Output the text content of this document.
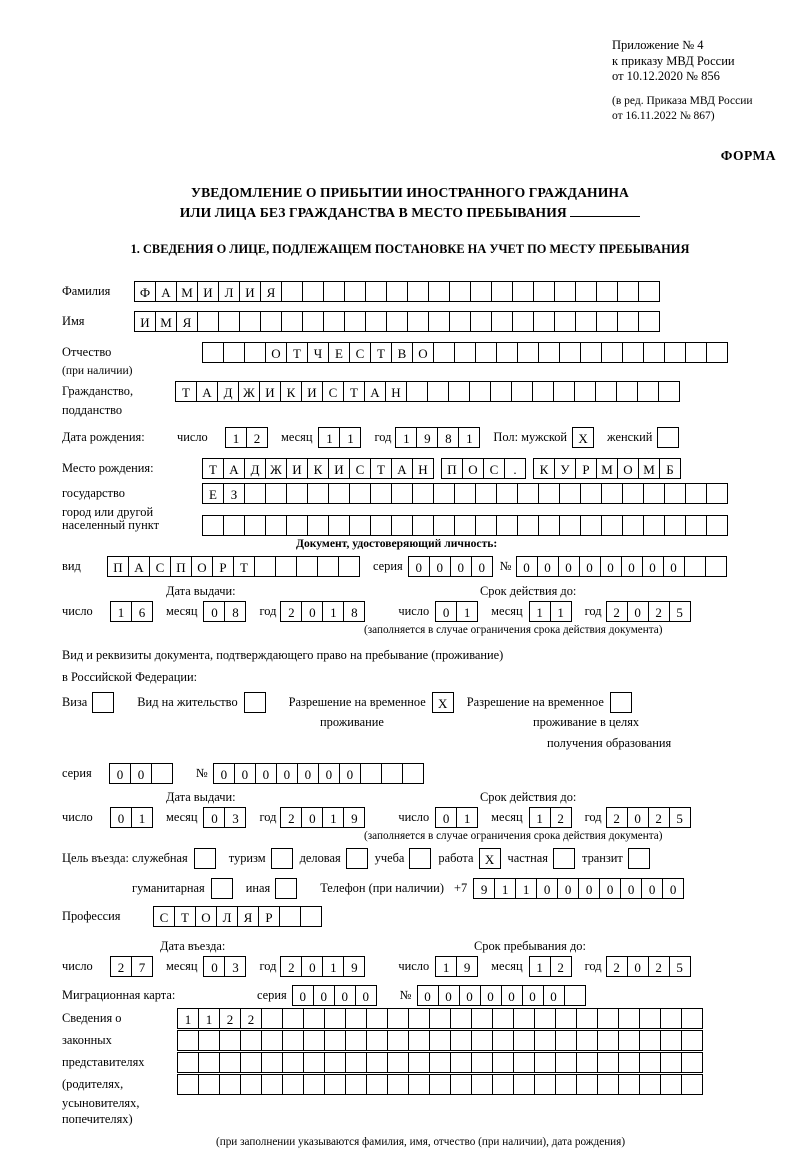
Приложение № 4
к приказу МВД России
от 10.12.2020 № 856
(в ред. Приказа МВД России
от 16.11.2022 № 867)
ФОРМА
УВЕДОМЛЕНИЕ О ПРИБЫТИИ ИНОСТРАННОГО ГРАЖДАНИНА
ИЛИ ЛИЦА БЕЗ ГРАЖДАНСТВА В МЕСТО ПРЕБЫВАНИЯ
1. СВЕДЕНИЯ О ЛИЦЕ, ПОДЛЕЖАЩЕМ ПОСТАНОВКЕ НА УЧЕТ ПО МЕСТУ ПРЕБЫВАНИЯ
Фамилия	Ф А М И Л И Я
Имя	И М Я
Отчество	О Т Ч Е С Т В О
(при наличии)
Гражданство,	Т А Д Ж И К И С Т А Н
подданство
Дата рождения:	число	1	2	месяц	1	1	год 1	9	8	1	Пол: мужской X	женский
Место рождения:	Т А Д Ж И К И С Т А Н	П О С	.	К У Р М О М Б
государство	Е	З
город или другой
населенный пункт
Документ, удостоверяющий личность:
вид	П А С П О Р	Т	серия 0	0	0	0	№ 0	0	0	0	0	0	0	0
Дата выдачи:	Срок действия до:
число	1	6	месяц	0	8	год 2	0	1	8	число	0	1	месяц	1	1	год 2	0	2	5
(заполняется в случае ограничения срока действия документа)
Вид и реквизиты документа, подтверждающего право на пребывание (проживание)
в Российской Федерации:
Виза	Вид на жительство	Разрешение на временное X	Разрешение на временное
проживание	проживание в целях
получения образования
серия	0	0	№ 0	0	0	0	0	0	0
Дата выдачи:	Срок действия до:
число	0	1	месяц	0	3	год 2	0	1	9	число	0	1	месяц	1	2	год 2	0	2	5
(заполняется в случае ограничения срока действия документа)
Цель въезда: служебная	туризм	деловая	учеба	работа X	частная	транзит
гуманитарная	иная	Телефон (при наличии) +7	9	1	1	0	0	0	0	0	0	0
Профессия	С Т О Л Я	Р
Дата въезда:	Срок пребывания до:
число	2	7	месяц	0	3	год 2	0	1	9	число	1	9	месяц	1	2	год 2	0	2	5
Миграционная карта:	серия 0	0	0	0	№ 0	0	0	0	0	0	0
Сведения о	1	1	2	2
законных
представителях
(родителях,
усыновителях,
попечителях)
(при заполнении указываются фамилия, имя, отчество (при наличии), дата рождения)
